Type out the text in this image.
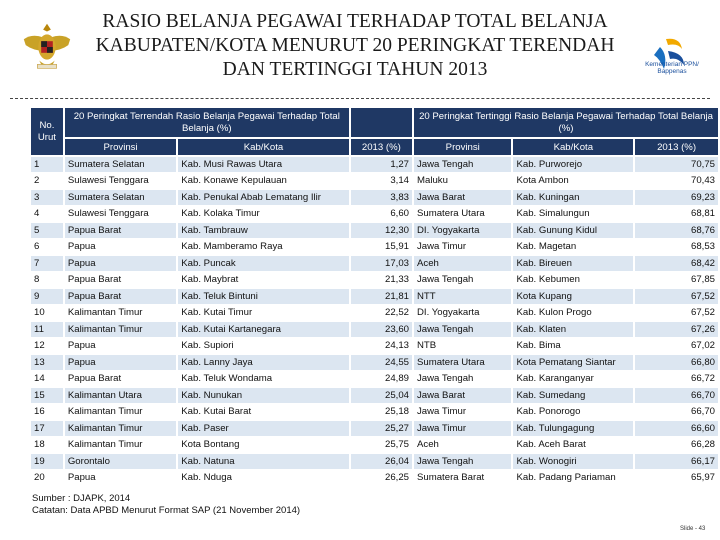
RASIO BELANJA PEGAWAI TERHADAP TOTAL BELANJA
KABUPATEN/KOTA MENURUT 20 PERINGKAT TERENDAH
DAN TERTINGGI TAHUN 2013	Kementerian PPN/
Bappenas
No. Urut	20 Peringkat Terrendah Rasio Belanja Pegawai Terhadap Total Belanja (%)			20 Peringkat Tertinggi Rasio Belanja Pegawai Terhadap Total Belanja (%)		
	Provinsi	Kab/Kota	2013 (%)	Provinsi	Kab/Kota	2013 (%)
1	Sumatera Selatan	Kab. Musi Rawas Utara	1,27	Jawa Tengah	Kab. Purworejo	70,75
2	Sulawesi Tenggara	Kab. Konawe Kepulauan	3,14	Maluku	Kota Ambon	70,43
3	Sumatera Selatan	Kab. Penukal Abab Lematang Ilir	3,83	Jawa Barat	Kab. Kuningan	69,23
4	Sulawesi Tenggara	Kab. Kolaka Timur	6,60	Sumatera Utara	Kab. Simalungun	68,81
5	Papua Barat	Kab. Tambrauw	12,30	DI. Yogyakarta	Kab. Gunung Kidul	68,76
6	Papua	Kab. Mamberamo Raya	15,91	Jawa Timur	Kab. Magetan	68,53
7	Papua	Kab. Puncak	17,03	Aceh	Kab. Bireuen	68,42
8	Papua Barat	Kab. Maybrat	21,33	Jawa Tengah	Kab. Kebumen	67,85
9	Papua Barat	Kab. Teluk Bintuni	21,81	NTT	Kota Kupang	67,52
10	Kalimantan Timur	Kab. Kutai Timur	22,52	DI. Yogyakarta	Kab. Kulon Progo	67,52
11	Kalimantan Timur	Kab. Kutai Kartanegara	23,60	Jawa Tengah	Kab. Klaten	67,26
12	Papua	Kab. Supiori	24,13	NTB	Kab. Bima	67,02
13	Papua	Kab. Lanny Jaya	24,55	Sumatera Utara	Kota Pematang Siantar	66,80
14	Papua Barat	Kab. Teluk Wondama	24,89	Jawa Tengah	Kab. Karanganyar	66,72
15	Kalimantan Utara	Kab. Nunukan	25,04	Jawa Barat	Kab. Sumedang	66,70
16	Kalimantan Timur	Kab. Kutai Barat	25,18	Jawa Timur	Kab. Ponorogo	66,70
17	Kalimantan Timur	Kab. Paser	25,27	Jawa Timur	Kab. Tulungagung	66,60
18	Kalimantan Timur	Kota Bontang	25,75	Aceh	Kab. Aceh Barat	66,28
19	Gorontalo	Kab. Natuna	26,04	Jawa Tengah	Kab. Wonogiri	66,17
20	Papua	Kab. Nduga	26,25	Sumatera Barat	Kab. Padang Pariaman	65,97
Sumber : DJAPK, 2014
Catatan: Data APBD Menurut Format SAP (21 November 2014)
Slide - 43
